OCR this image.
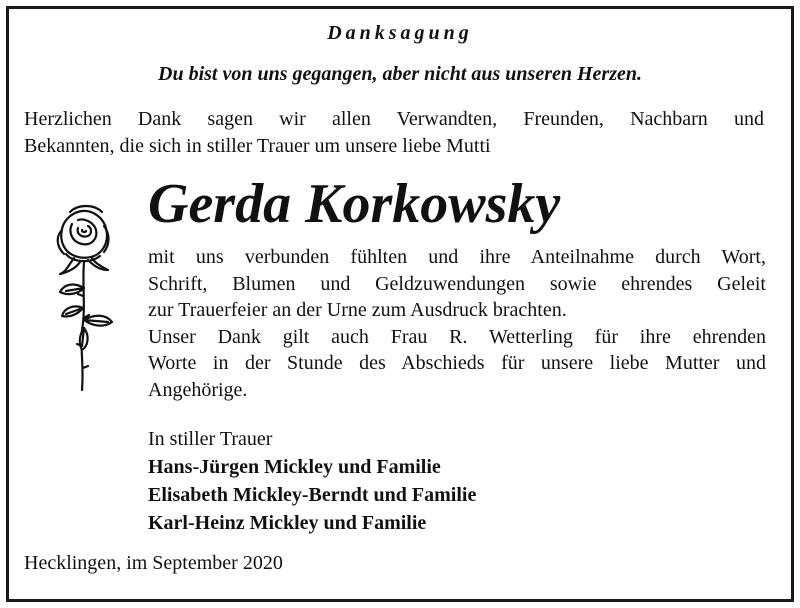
Danksagung
Du bist von uns gegangen, aber nicht aus unseren Herzen.
Herzlichen Dank sagen wir allen Verwandten, Freunden, Nachbarn und
Bekannten, die sich in stiller Trauer um unsere liebe Mutti
Gerda Korkowsky
mit uns verbunden fühlten und ihre Anteilnahme durch Wort,
Schrift, Blumen und Geldzuwendungen sowie ehrendes Geleit
zur Trauerfeier an der Urne zum Ausdruck brachten.
Unser Dank gilt auch Frau R. Wetterling für ihre ehrenden
Worte in der Stunde des Abschieds für unsere liebe Mutter und
Angehörige.
In stiller Trauer
Hans-Jürgen Mickley und Familie
Elisabeth Mickley-Berndt und Familie
Karl-Heinz Mickley und Familie
Hecklingen, im September 2020
